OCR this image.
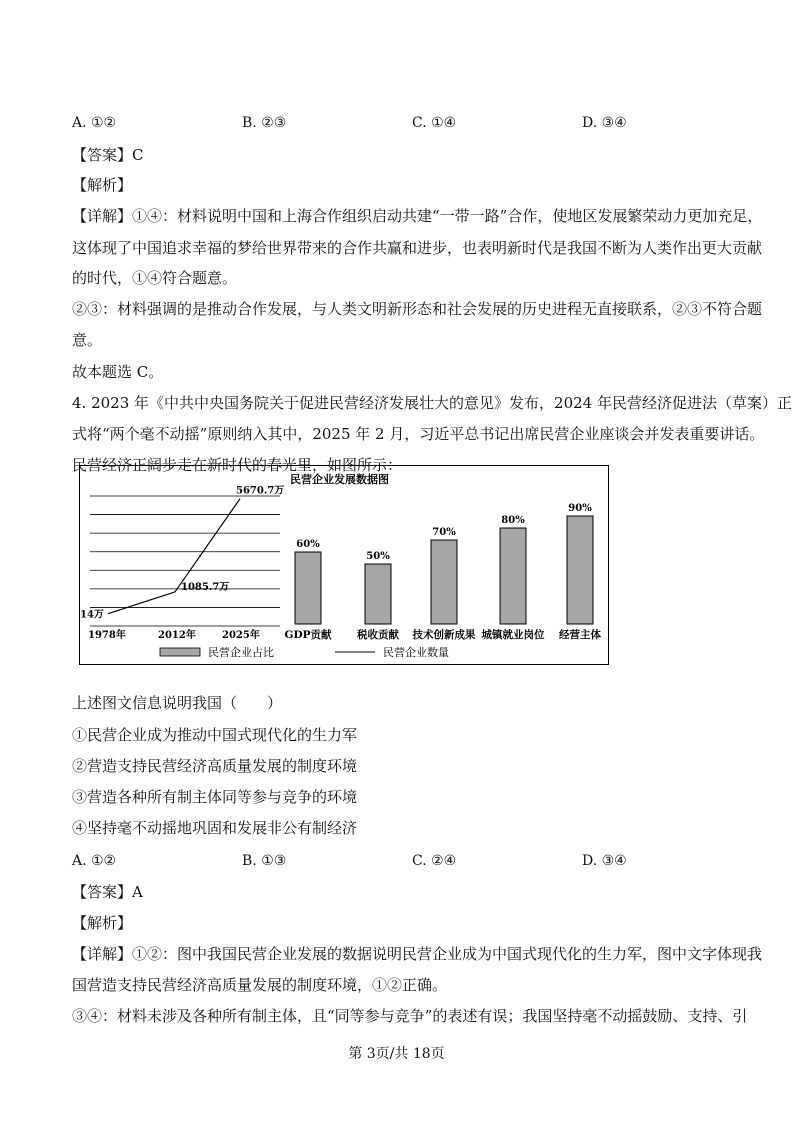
A. ①②	B. ②③	C. ①④	D. ③④
【答案】C
【解析】
【详解】①④：材料说明中国和上海合作组织启动共建“一带一路”合作，使地区发展繁荣动力更加充足，
这体现了中国追求幸福的梦给世界带来的合作共赢和进步，也表明新时代是我国不断为人类作出更大贡献
的时代，①④符合题意。
②③：材料强调的是推动合作发展，与人类文明新形态和社会发展的历史进程无直接联系，②③不符合题
意。
故本题选 C。
4. 2023 年《中共中央国务院关于促进民营经济发展壮大的意见》发布，2024 年民营经济促进法（草案）正
式将“两个毫不动摇”原则纳入其中，2025 年 2 月，习近平总书记出席民营企业座谈会并发表重要讲话。
民营经济正阔步走在新时代的春光里，如图所示：
民营企业发展数据图
14万
1085.7万
5670.7万
1978年	2012年	2025年
60%
GDP贡献
50%
税收贡献
70%
技术创新成果
80%
城镇就业岗位
90%
经营主体
民营企业占比	民营企业数量
上述图文信息说明我国（　　）
①民营企业成为推动中国式现代化的生力军
②营造支持民营经济高质量发展的制度环境
③营造各种所有制主体同等参与竞争的环境
④坚持毫不动摇地巩固和发展非公有制经济
A. ①②	B. ①③	C. ②④	D. ③④
【答案】A
【解析】
【详解】①②：图中我国民营企业发展的数据说明民营企业成为中国式现代化的生力军，图中文字体现我
国营造支持民营经济高质量发展的制度环境，①②正确。
③④：材料未涉及各种所有制主体，且“同等参与竞争”的表述有误；我国坚持毫不动摇鼓励、支持、引
第 3页/共 18页
